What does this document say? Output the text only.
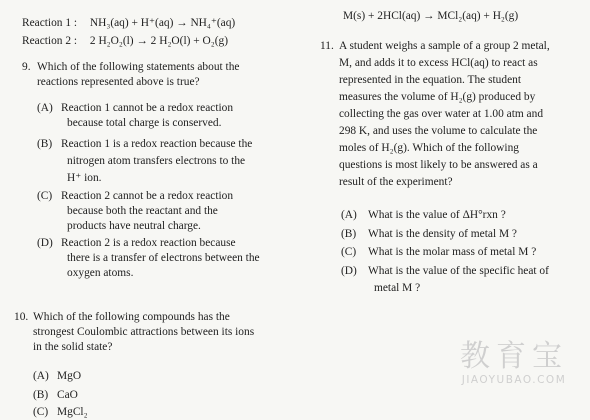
Reaction 1 : NH₃(aq) + H⁺(aq) → NH₄⁺(aq)
Reaction 2 : 2 H₂O₂(l) → 2 H₂O(l) + O₂(g)
9. Which of the following statements about the
reactions represented above is true?
(A) Reaction 1 cannot be a redox reaction
because total charge is conserved.
(B) Reaction 1 is a redox reaction because the
nitrogen atom transfers electrons to the
H⁺ ion.
(C) Reaction 2 cannot be a redox reaction
because both the reactant and the
products have neutral charge.
(D) Reaction 2 is a redox reaction because
there is a transfer of electrons between the
oxygen atoms.
10. Which of the following compounds has the
strongest Coulombic attractions between its ions
in the solid state?
(A) MgO
(B) CaO
(C) MgCl₂
M(s) + 2HCl(aq) → MCl₂(aq) + H₂(g)
11. A student weighs a sample of a group 2 metal,
M, and adds it to excess HCl(aq) to react as
represented in the equation. The student
measures the volume of H₂(g) produced by
collecting the gas over water at 1.00 atm and
298 K, and uses the volume to calculate the
moles of H₂(g). Which of the following
questions is most likely to be answered as a
result of the experiment?
(A) What is the value of ΔH°rxn ?
(B) What is the density of metal M ?
(C) What is the molar mass of metal M ?
(D) What is the value of the specific heat of
metal M ?
教育宝
JIAOYUBAO.COM
